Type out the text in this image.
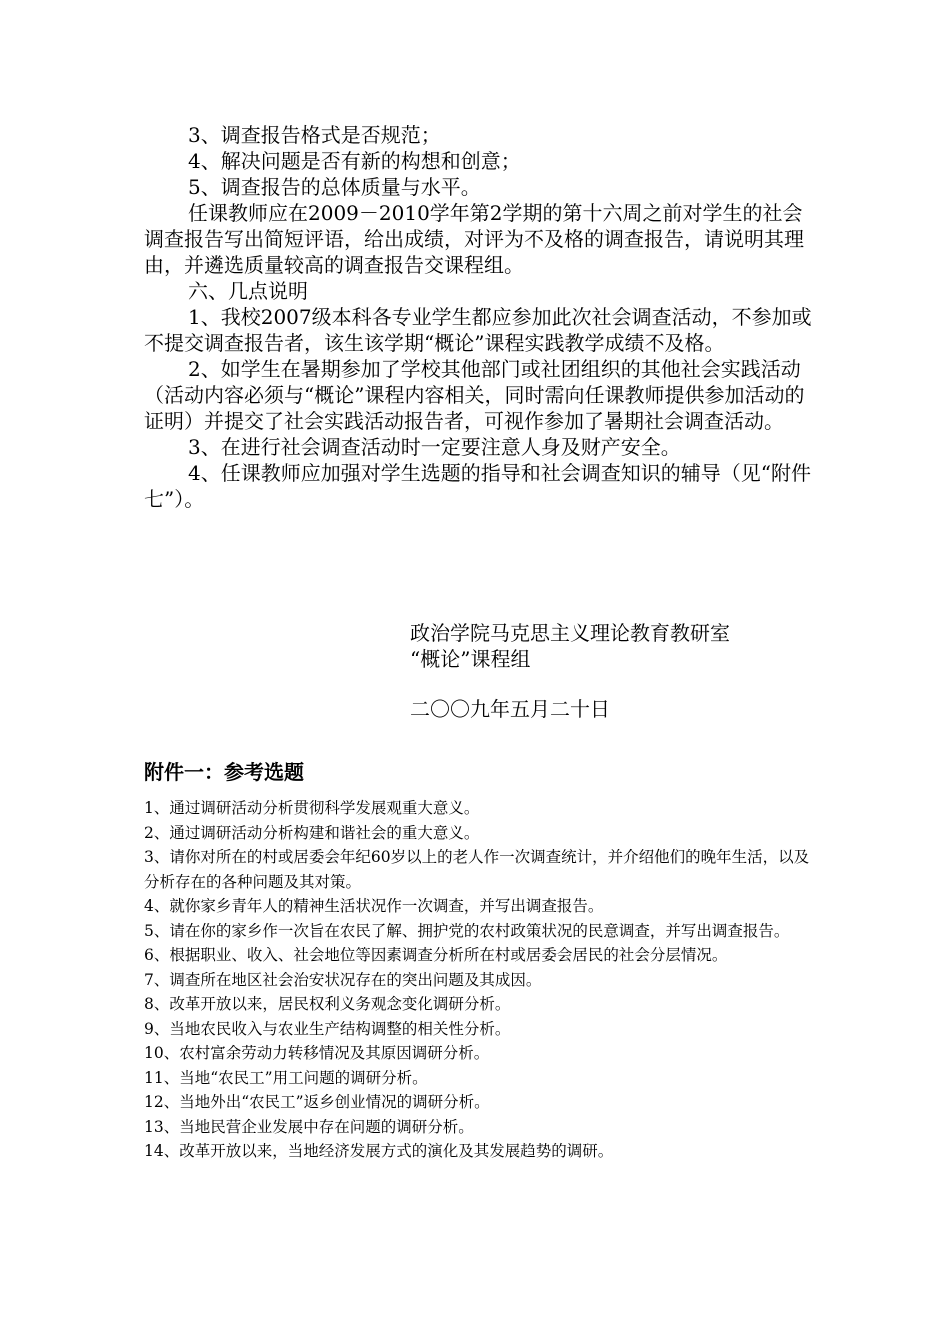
3、调查报告格式是否规范；

4、解决问题是否有新的构想和创意；

5、调查报告的总体质量与水平。

任课教师应在2009－2010学年第2学期的第十六周之前对学生的社会调查报告写出简短评语，给出成绩，对评为不及格的调查报告，请说明其理由，并遴选质量较高的调查报告交课程组。

六、几点说明

1、我校2007级本科各专业学生都应参加此次社会调查活动，不参加或不提交调查报告者，该生该学期“概论”课程实践教学成绩不及格。

2、如学生在暑期参加了学校其他部门或社团组织的其他社会实践活动（活动内容必须与“概论”课程内容相关，同时需向任课教师提供参加活动的证明）并提交了社会实践活动报告者，可视作参加了暑期社会调查活动。

3、在进行社会调查活动时一定要注意人身及财产安全。

4、任课教师应加强对学生选题的指导和社会调查知识的辅导（见“附件七”）。

政治学院马克思主义理论教育教研室

“概论”课程组

二〇〇九年五月二十日

附件一：参考选题
1、通过调研活动分析贯彻科学发展观重大意义。
2、通过调研活动分析构建和谐社会的重大意义。
3、请你对所在的村或居委会年纪60岁以上的老人作一次调查统计，并介绍他们的晚年生活，以及分析存在的各种问题及其对策。
4、就你家乡青年人的精神生活状况作一次调查，并写出调查报告。
5、请在你的家乡作一次旨在农民了解、拥护党的农村政策状况的民意调查，并写出调查报告。
6、根据职业、收入、社会地位等因素调查分析所在村或居委会居民的社会分层情况。
7、调查所在地区社会治安状况存在的突出问题及其成因。
8、改革开放以来，居民权利义务观念变化调研分析。
9、当地农民收入与农业生产结构调整的相关性分析。
10、农村富余劳动力转移情况及其原因调研分析。
11、当地“农民工”用工问题的调研分析。
12、当地外出“农民工”返乡创业情况的调研分析。
13、当地民营企业发展中存在问题的调研分析。
14、改革开放以来，当地经济发展方式的演化及其发展趋势的调研。
